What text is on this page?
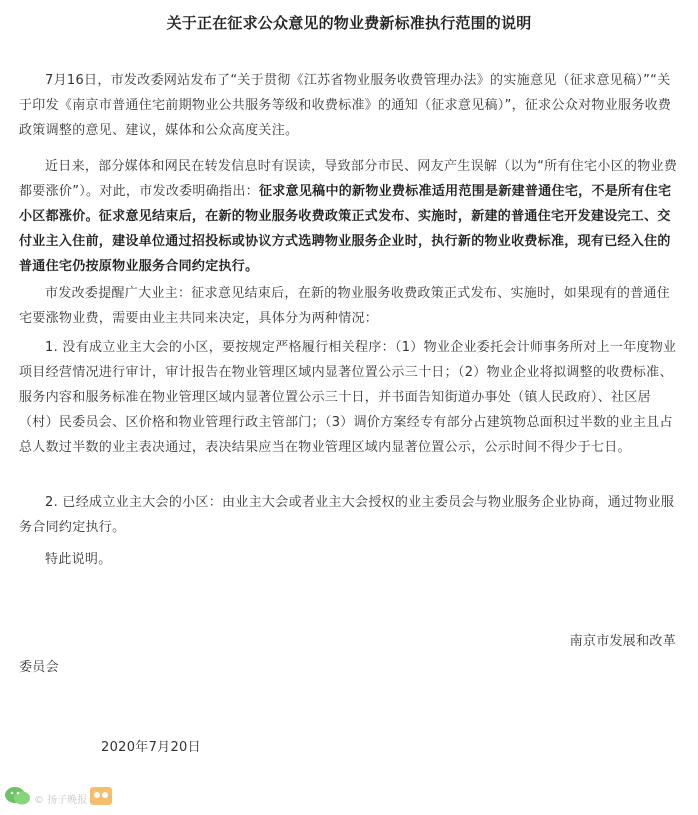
关于正在征求公众意见的物业费新标准执行范围的说明

7月16日，市发改委网站发布了“关于贯彻《江苏省物业服务收费管理办法》的实施意见（征求意见稿）”“关于印发《南京市普通住宅前期物业公共服务等级和收费标准》的通知（征求意见稿）”，征求公众对物业服务收费政策调整的意见、建议，媒体和公众高度关注。

近日来，部分媒体和网民在转发信息时有误读，导致部分市民、网友产生误解（以为“所有住宅小区的物业费都要涨价”）。对此，市发改委明确指出：征求意见稿中的新物业费标准适用范围是新建普通住宅，不是所有住宅小区都涨价。征求意见结束后，在新的物业服务收费政策正式发布、实施时，新建的普通住宅开发建设完工、交付业主入住前，建设单位通过招投标或协议方式选聘物业服务企业时，执行新的物业收费标准，现有已经入住的普通住宅仍按原物业服务合同约定执行。

市发改委提醒广大业主：征求意见结束后，在新的物业服务收费政策正式发布、实施时，如果现有的普通住宅要涨物业费，需要由业主共同来决定，具体分为两种情况：

1. 没有成立业主大会的小区，要按规定严格履行相关程序：（1）物业企业委托会计师事务所对上一年度物业项目经营情况进行审计，审计报告在物业管理区域内显著位置公示三十日；（2）物业企业将拟调整的收费标准、服务内容和服务标准在物业管理区域内显著位置公示三十日，并书面告知街道办事处（镇人民政府）、社区居（村）民委员会、区价格和物业管理行政主管部门；（3）调价方案经专有部分占建筑物总面积过半数的业主且占总人数过半数的业主表决通过，表决结果应当在物业管理区域内显著位置公示，公示时间不得少于七日。

2. 已经成立业主大会的小区：由业主大会或者业主大会授权的业主委员会与物业服务企业协商，通过物业服务合同约定执行。

特此说明。

南京市发展和改革
委员会
2020年7月20日
© 扬子晚报
